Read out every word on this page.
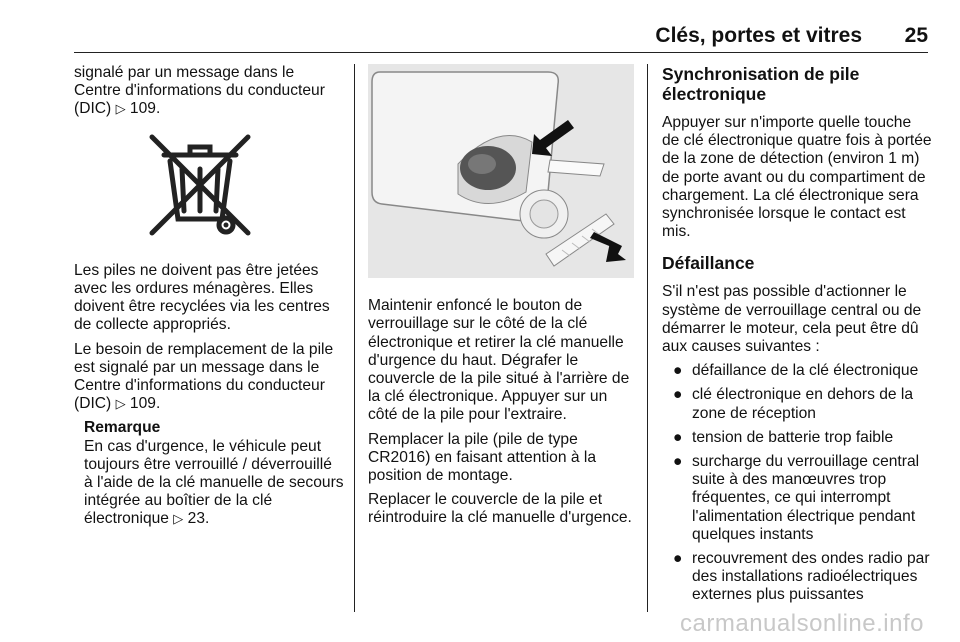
Clés, portes et vitres 25

signalé par un message dans le Centre d'informations du conducteur (DIC) ▷ 109.

Les piles ne doivent pas être jetées avec les ordures ménagères. Elles doivent être recyclées via les centres de collecte appropriés.

Le besoin de remplacement de la pile est signalé par un message dans le Centre d'informations du conducteur (DIC) ▷ 109.

Remarque
En cas d'urgence, le véhicule peut toujours être verrouillé / déverrouillé à l'aide de la clé manuelle de secours intégrée au boîtier de la clé électronique ▷ 23.

Maintenir enfoncé le bouton de verrouillage sur le côté de la clé électronique et retirer la clé manuelle d'urgence du haut. Dégrafer le couvercle de la pile situé à l'arrière de la clé électronique. Appuyer sur un côté de la pile pour l'extraire.

Remplacer la pile (pile de type CR2016) en faisant attention à la position de montage.

Replacer le couvercle de la pile et réintroduire la clé manuelle d'urgence.

Synchronisation de pile électronique

Appuyer sur n'importe quelle touche de clé électronique quatre fois à portée de la zone de détection (environ 1 m) de porte avant ou du compartiment de chargement. La clé électronique sera synchronisée lorsque le contact est mis.

Défaillance

S'il n'est pas possible d'actionner le système de verrouillage central ou de démarrer le moteur, cela peut être dû aux causes suivantes :

● défaillance de la clé électronique
● clé électronique en dehors de la zone de réception
● tension de batterie trop faible
● surcharge du verrouillage central suite à des manœuvres trop fréquentes, ce qui interrompt l'alimentation électrique pendant quelques instants
● recouvrement des ondes radio par des installations radioélectriques externes plus puissantes
carmanualsonline.info
